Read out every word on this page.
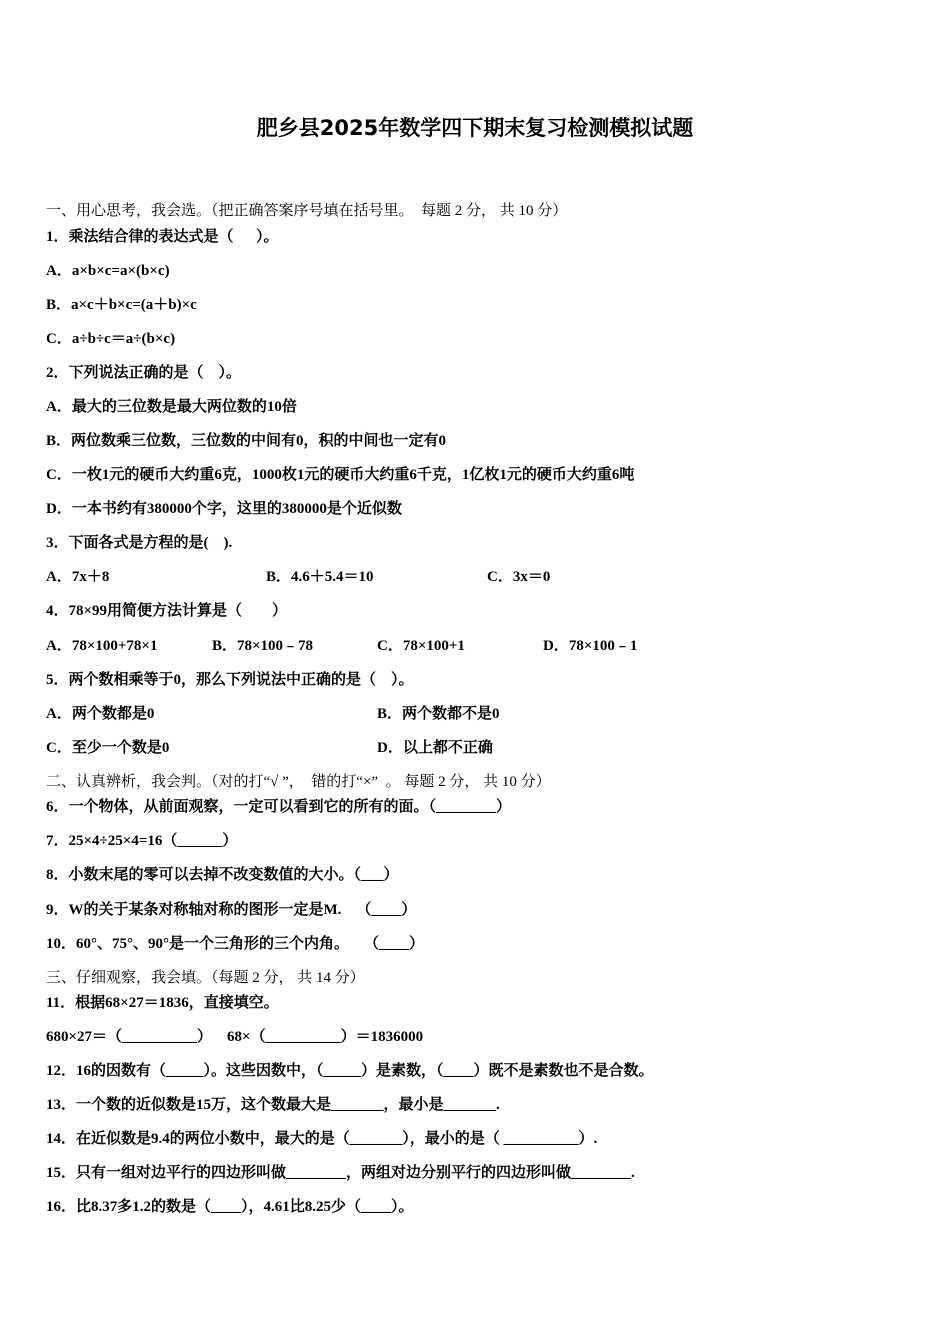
肥乡县2025年数学四下期末复习检测模拟试题
一、用心思考，我会选。（把正确答案序号填在括号里。  每题 2 分， 共 10 分）
1．乘法结合律的表达式是（      ）。
A．a×b×c=a×(b×c)
B．a×c＋b×c=(a＋b)×c
C．a÷b÷c＝a÷(b×c)
2．下列说法正确的是（    ）。
A．最大的三位数是最大两位数的10倍
B．两位数乘三位数，三位数的中间有0，积的中间也一定有0
C．一枚1元的硬币大约重6克，1000枚1元的硬币大约重6千克，1亿枚1元的硬币大约重6吨
D．一本书约有380000个字，这里的380000是个近似数
3．下面各式是方程的是(    ).
A．7x＋8	B．4.6＋5.4＝10	C．3x＝0
4．78×99用简便方法计算是（        ）
A．78×100+78×1	B．78×100﹣78	C．78×100+1	D．78×100﹣1
5．两个数相乘等于0，那么下列说法中正确的是（    ）。
A．两个数都是0	B．两个数都不是0
C．至少一个数是0	D．以上都不正确
二、认真辨析，我会判。（对的打“√ ”，  错的打“×”  。 每题 2 分， 共 10 分）
6．一个物体，从前面观察，一定可以看到它的所有的面。（________）
7．25×4÷25×4=16（______）
8．小数末尾的零可以去掉不改变数值的大小。（___）
9．W的关于某条对称轴对称的图形一定是M.    （____）
10．60°、75°、90°是一个三角形的三个内角。    （____）
三、仔细观察，我会填。（每题 2 分， 共 14 分）
11．根据68×27＝1836，直接填空。
680×27＝（__________）    68×（__________）＝1836000
12．16的因数有（_____）。这些因数中，（_____）是素数，（____）既不是素数也不是合数。
13．一个数的近似数是15万，这个数最大是_______，最小是_______.
14．在近似数是9.4的两位小数中，最大的是（_______），最小的是（ __________）.
15．只有一组对边平行的四边形叫做________，两组对边分别平行的四边形叫做________.
16．比8.37多1.2的数是（____），4.61比8.25少（____）。
